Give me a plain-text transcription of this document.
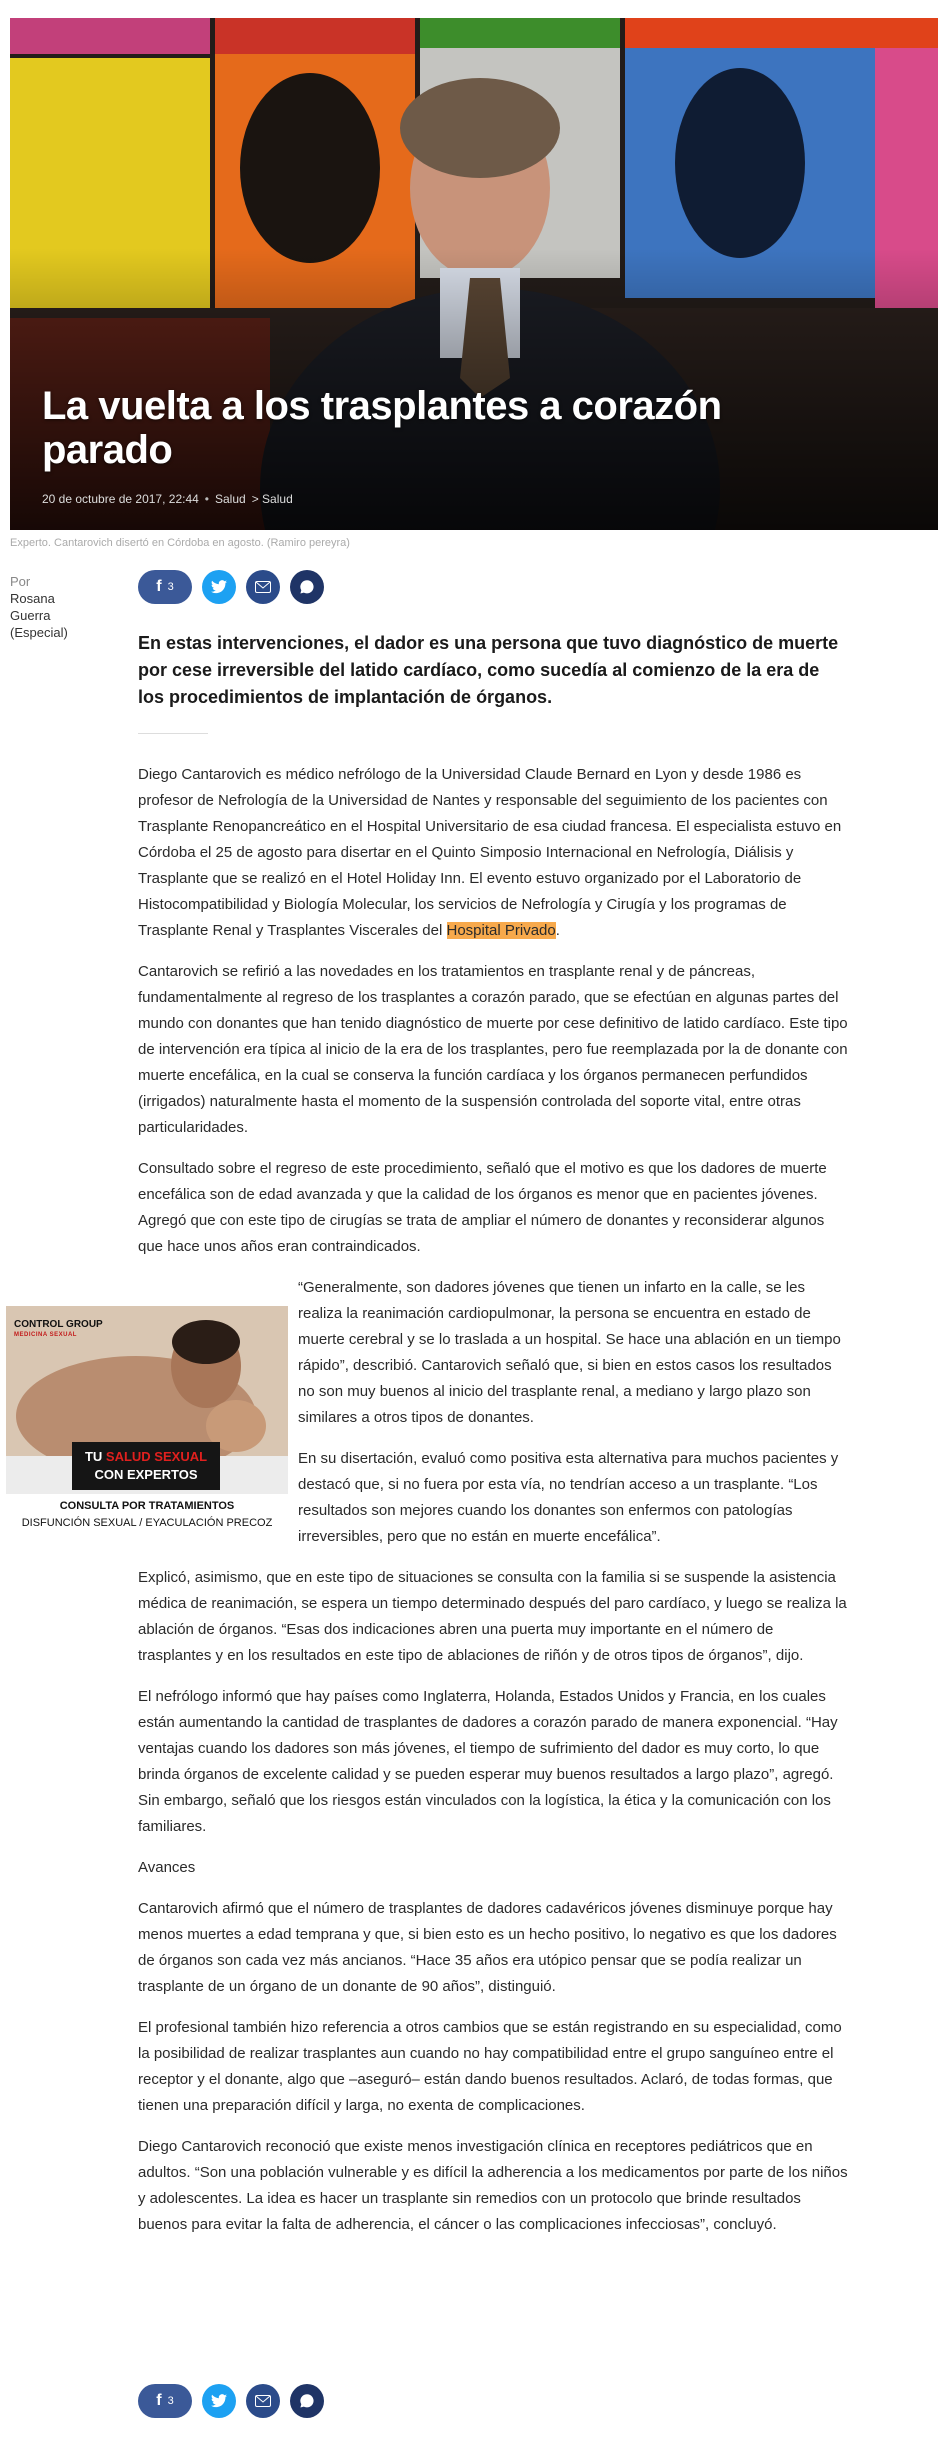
La vuelta a los trasplantes a corazón parado
20 de octubre de 2017, 22:44 • Salud > Salud
Experto. Cantarovich disertó en Córdoba en agosto. (Ramiro pereyra)
Por
Rosana Guerra (Especial)
f 3

En estas intervenciones, el dador es una persona que tuvo diagnóstico de muerte por cese irreversible del latido cardíaco, como sucedía al comienzo de la era de los procedimientos de implantación de órganos.

Diego Cantarovich es médico nefrólogo de la Universidad Claude Bernard en Lyon y desde 1986 es profesor de Nefrología de la Universidad de Nantes y responsable del seguimiento de los pacientes con Trasplante Renopancreático en el Hospital Universitario de esa ciudad francesa. El especialista estuvo en Córdoba el 25 de agosto para disertar en el Quinto Simposio Internacional en Nefrología, Diálisis y Trasplante que se realizó en el Hotel Holiday Inn. El evento estuvo organizado por el Laboratorio de Histocompatibilidad y Biología Molecular, los servicios de Nefrología y Cirugía y los programas de Trasplante Renal y Trasplantes Viscerales del Hospital Privado.

Cantarovich se refirió a las novedades en los tratamientos en trasplante renal y de páncreas, fundamentalmente al regreso de los trasplantes a corazón parado, que se efectúan en algunas partes del mundo con donantes que han tenido diagnóstico de muerte por cese definitivo de latido cardíaco. Este tipo de intervención era típica al inicio de la era de los trasplantes, pero fue reemplazada por la de donante con muerte encefálica, en la cual se conserva la función cardíaca y los órganos permanecen perfundidos (irrigados) naturalmente hasta el momento de la suspensión controlada del soporte vital, entre otras particularidades.

Consultado sobre el regreso de este procedimiento, señaló que el motivo es que los dadores de muerte encefálica son de edad avanzada y que la calidad de los órganos es menor que en pacientes jóvenes. Agregó que con este tipo de cirugías se trata de ampliar el número de donantes y reconsiderar algunos que hace unos años eran contraindicados.

“Generalmente, son dadores jóvenes que tienen un infarto en la calle, se les realiza la reanimación cardiopulmonar, la persona se encuentra en estado de muerte cerebral y se lo traslada a un hospital. Se hace una ablación en un tiempo rápido”, describió. Cantarovich señaló que, si bien en estos casos los resultados no son muy buenos al inicio del trasplante renal, a mediano y largo plazo son similares a otros tipos de donantes.

En su disertación, evaluó como positiva esta alternativa para muchos pacientes y destacó que, si no fuera por esta vía, no tendrían acceso a un trasplante. “Los resultados son mejores cuando los donantes son enfermos con patologías irreversibles, pero que no están en muerte encefálica”.

Explicó, asimismo, que en este tipo de situaciones se consulta con la familia si se suspende la asistencia médica de reanimación, se espera un tiempo determinado después del paro cardíaco, y luego se realiza la ablación de órganos. “Esas dos indicaciones abren una puerta muy importante en el número de trasplantes y en los resultados en este tipo de ablaciones de riñón y de otros tipos de órganos”, dijo.

El nefrólogo informó que hay países como Inglaterra, Holanda, Estados Unidos y Francia, en los cuales están aumentando la cantidad de trasplantes de dadores a corazón parado de manera exponencial. “Hay ventajas cuando los dadores son más jóvenes, el tiempo de sufrimiento del dador es muy corto, lo que brinda órganos de excelente calidad y se pueden esperar muy buenos resultados a largo plazo”, agregó. Sin embargo, señaló que los riesgos están vinculados con la logística, la ética y la comunicación con los familiares.

Avances

Cantarovich afirmó que el número de trasplantes de dadores cadavéricos jóvenes disminuye porque hay menos muertes a edad temprana y que, si bien esto es un hecho positivo, lo negativo es que los dadores de órganos son cada vez más ancianos. “Hace 35 años era utópico pensar que se podía realizar un trasplante de un órgano de un donante de 90 años”, distinguió.

El profesional también hizo referencia a otros cambios que se están registrando en su especialidad, como la posibilidad de realizar trasplantes aun cuando no hay compatibilidad entre el grupo sanguíneo entre el receptor y el donante, algo que –aseguró– están dando buenos resultados. Aclaró, de todas formas, que tienen una preparación difícil y larga, no exenta de complicaciones.

Diego Cantarovich reconoció que existe menos investigación clínica en receptores pediátricos que en adultos. “Son una población vulnerable y es difícil la adherencia a los medicamentos por parte de los niños y adolescentes. La idea es hacer un trasplante sin remedios con un protocolo que brinde resultados buenos para evitar la falta de adherencia, el cáncer o las complicaciones infecciosas”, concluyó.

CONTROL GROUP
MEDICINA SEXUAL
TU SALUD SEXUAL
CON EXPERTOS
CONSULTA POR TRATAMIENTOS
DISFUNCIÓN SEXUAL / EYACULACIÓN PRECOZ
f 3
